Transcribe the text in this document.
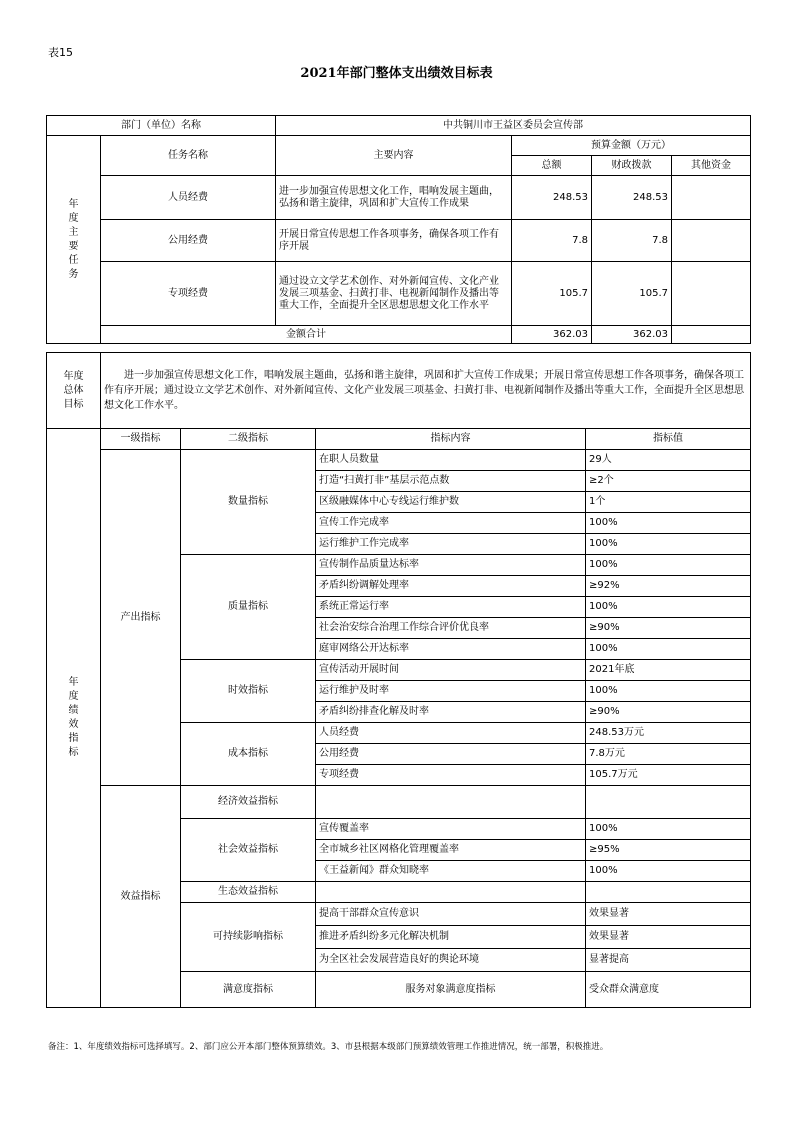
表15
2021年部门整体支出绩效目标表
部门（单位）名称		中共铜川市王益区委员会宣传部			
年度主要任务	任务名称	主要内容	预算金额（万元）		
			总额	财政拨款	其他资金
	人员经费	进一步加强宣传思想文化工作，唱响发展主题曲，弘扬和谐主旋律，巩固和扩大宣传工作成果	248.53	248.53	
	公用经费	开展日常宣传思想工作各项事务，确保各项工作有序开展	7.8	7.8	
	专项经费	通过设立文学艺术创作、对外新闻宣传、文化产业发展三项基金、扫黄打非、电视新闻制作及播出等重大工作，全面提升全区思想思想文化工作水平	105.7	105.7	
	金额合计		362.03	362.03	
年度总体目标	进一步加强宣传思想文化工作，唱响发展主题曲，弘扬和谐主旋律，巩固和扩大宣传工作成果；开展日常宣传思想工作各项事务，确保各项工作有序开展；通过设立文学艺术创作、对外新闻宣传、文化产业发展三项基金、扫黄打非、电视新闻制作及播出等重大工作，全面提升全区思想思想文化工作水平。
年度绩效指标	一级指标	二级指标	指标内容	指标值	
	产出指标	数量指标	在职人员数量	29人	
			打造“扫黄打非”基层示范点数	≥2个	
			区级融媒体中心专线运行维护数	1个	
			宣传工作完成率	100%	
			运行维护工作完成率	100%	
		质量指标	宣传制作品质量达标率	100%	
			矛盾纠纷调解处理率	≥92%	
			系统正常运行率	100%	
			社会治安综合治理工作综合评价优良率	≥90%	
			庭审网络公开达标率	100%	
		时效指标	宣传活动开展时间	2021年底	
			运行维护及时率	100%	
			矛盾纠纷排查化解及时率	≥90%	
		成本指标	人员经费	248.53万元	
			公用经费	7.8万元	
			专项经费	105.7万元	
	效益指标	经济效益指标			
		社会效益指标	宣传覆盖率	100%	
			全市城乡社区网格化管理覆盖率	≥95%	
			《王益新闻》群众知晓率	100%	
		生态效益指标			
		可持续影响指标	提高干部群众宣传意识	效果显著	
			推进矛盾纠纷多元化解决机制	效果显著	
			为全区社会发展营造良好的舆论环境	显著提高	
		满意度指标	服务对象满意度指标	受众群众满意度	
备注：1、年度绩效指标可选择填写。2、部门应公开本部门整体预算绩效。3、市县根据本级部门预算绩效管理工作推进情况，统一部署，积极推进。
